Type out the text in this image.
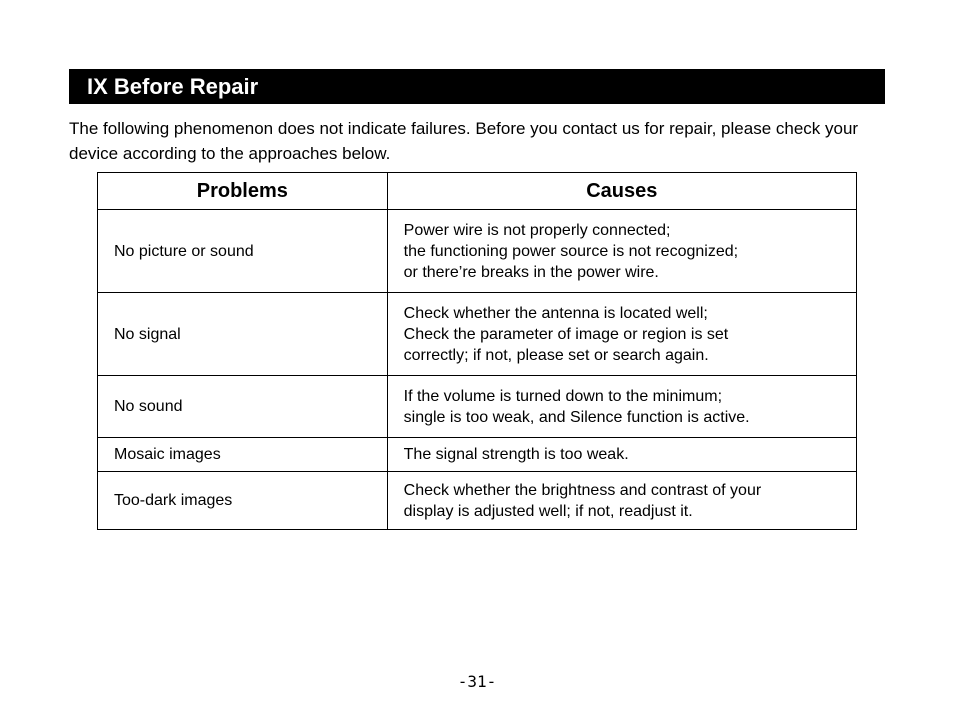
IX Before Repair

The following phenomenon does not indicate failures. Before you contact us for repair, please check your device according to the approaches below.

Problems	Causes
No picture or sound	Power wire is not properly connected;
the functioning power source is not recognized;
or there’re breaks in the power wire.
No signal	Check whether the antenna is located well;
Check the parameter of image or region is set
correctly; if not, please set or search again.
No sound	If the volume is turned down to the minimum;
single is too weak, and Silence function is active.
Mosaic images	The signal strength is too weak.
Too-dark images	Check whether the brightness and contrast of your
display is adjusted well; if not, readjust it.
-31-
